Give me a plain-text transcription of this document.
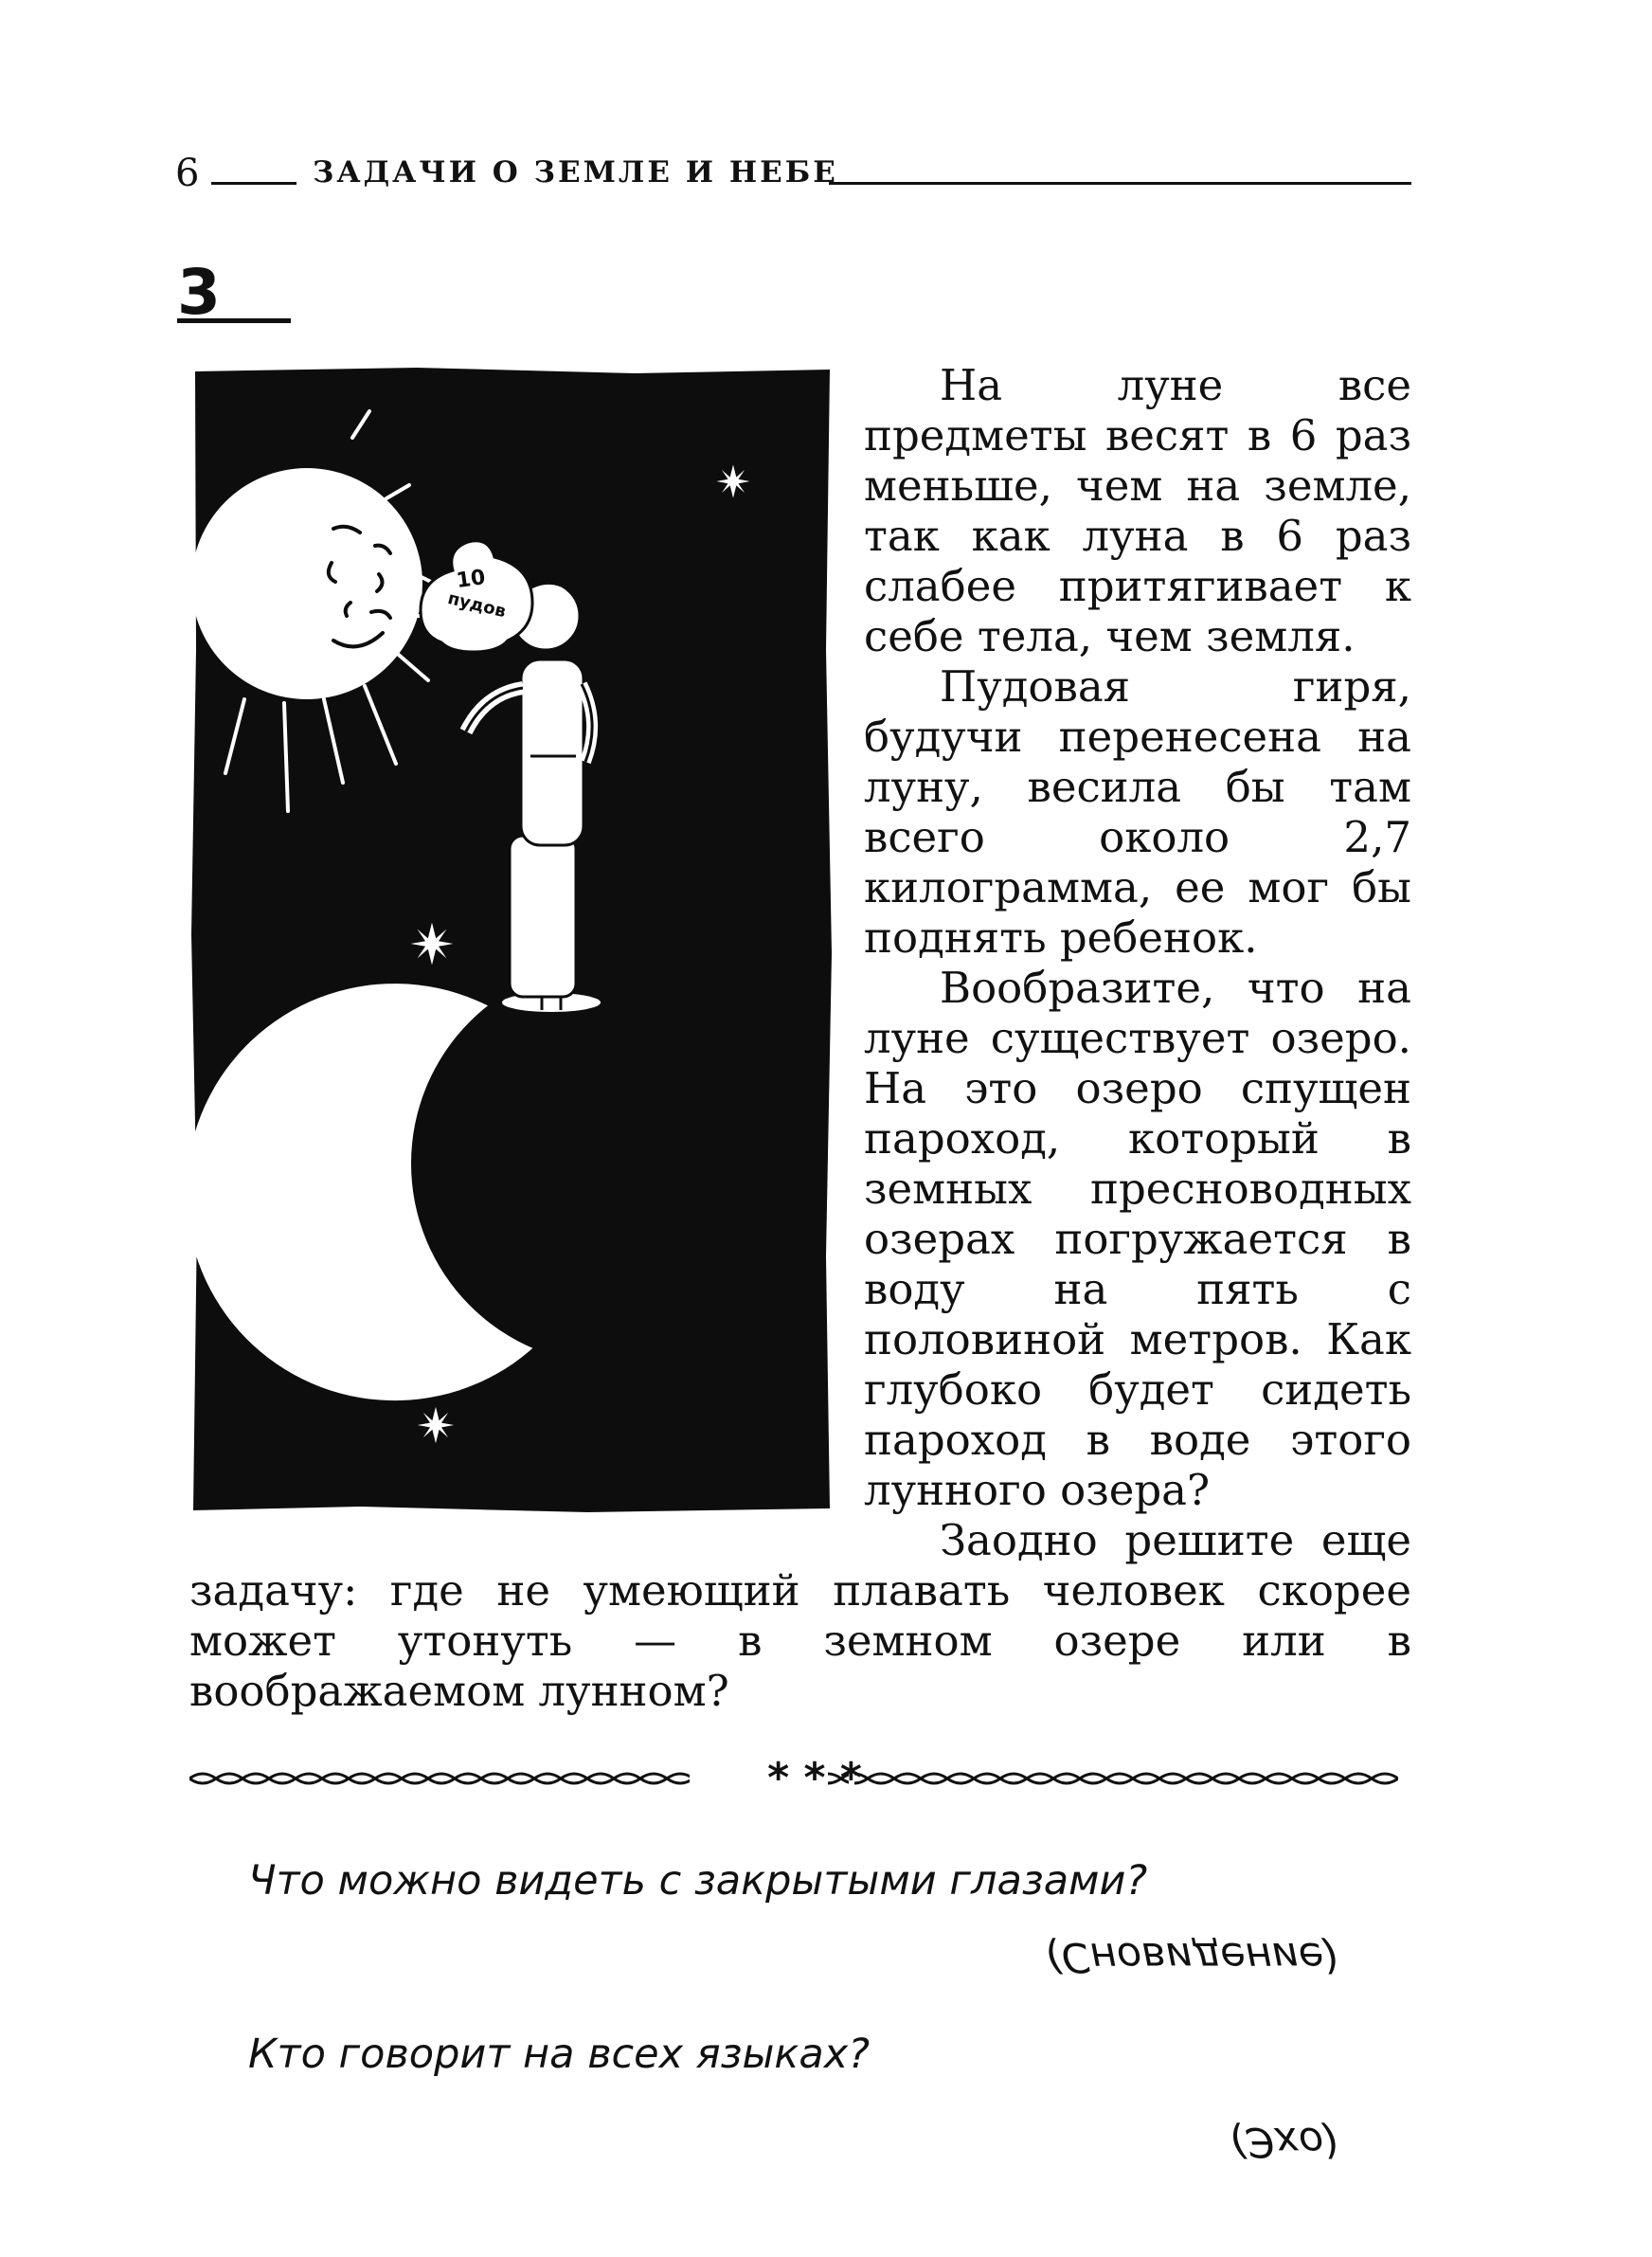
6	ЗАДАЧИ О ЗЕМЛЕ И НЕБЕ
3
10
пудов

На луне все предметы весят в 6 раз меньше, чем на земле, так как луна в 6 раз слабее притягивает к себе тела, чем земля.

Пудовая гиря, будучи перенесена на луну, весила бы там всего около 2,7 килограмма, ее мог бы поднять ребенок.

Вообразите, что на луне существует озеро. На это озеро спущен пароход, который в земных пресноводных озерах погружается в воду на пять с половиной метров. Как глубоко будет сидеть пароход в воде этого лунного озера?

Заодно решите еще задачу: где не умеющий плавать человек скорее может утонуть — в земном озере или в воображаемом лунном?

* * *
Что можно видеть с закрытыми глазами?
(Сновидение)
Кто говорит на всех языках?
(Эхо)
